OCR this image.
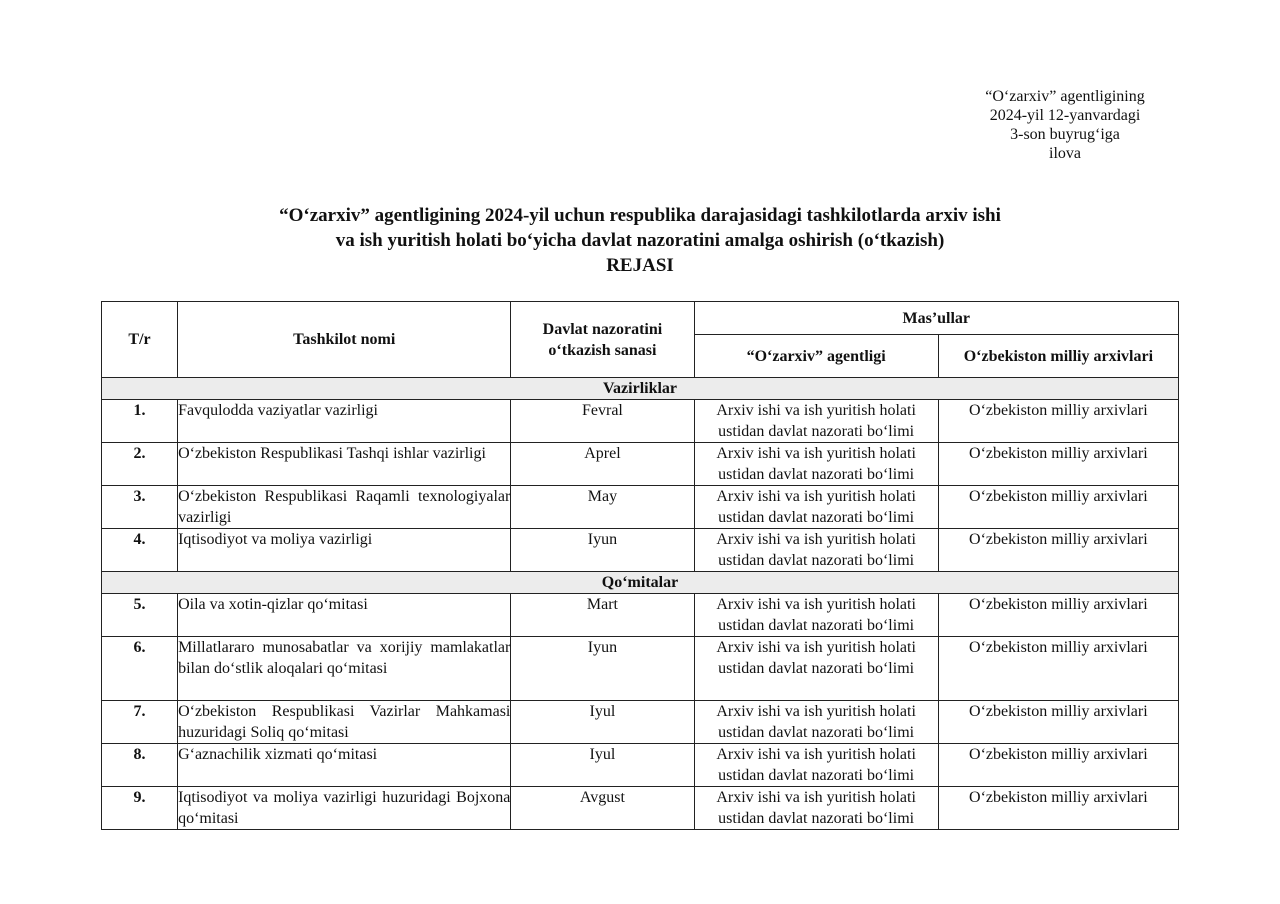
“O‘zarxiv” agentligining
2024-yil 12-yanvardagi
3-son buyrug‘iga
ilova
“O‘zarxiv” agentligining 2024-yil uchun respublika darajasidagi tashkilotlarda arxiv ishi
va ish yuritish holati bo‘yicha davlat nazoratini amalga oshirish (o‘tkazish)
REJASI
T/r	Tashkilot nomi	Davlat nazoratini o‘tkazish sanasi	Mas’ullar	
			“O‘zarxiv” agentligi	O‘zbekiston milliy arxivlari
Vazirliklar				
1.	Favqulodda vaziyatlar vazirligi	Fevral	Arxiv ishi va ish yuritish holati ustidan davlat nazorati bo‘limi	O‘zbekiston milliy arxivlari
2.	O‘zbekiston Respublikasi Tashqi ishlar vazirligi	Aprel	Arxiv ishi va ish yuritish holati ustidan davlat nazorati bo‘limi	O‘zbekiston milliy arxivlari
3.	O‘zbekiston Respublikasi Raqamli texnologiyalar vazirligi	May	Arxiv ishi va ish yuritish holati ustidan davlat nazorati bo‘limi	O‘zbekiston milliy arxivlari
4.	Iqtisodiyot va moliya vazirligi	Iyun	Arxiv ishi va ish yuritish holati ustidan davlat nazorati bo‘limi	O‘zbekiston milliy arxivlari
Qo‘mitalar				
5.	Oila va xotin-qizlar qo‘mitasi	Mart	Arxiv ishi va ish yuritish holati ustidan davlat nazorati bo‘limi	O‘zbekiston milliy arxivlari
6.	Millatlararo munosabatlar va xorijiy mamlakatlar bilan do‘stlik aloqalari qo‘mitasi	Iyun	Arxiv ishi va ish yuritish holati ustidan davlat nazorati bo‘limi	O‘zbekiston milliy arxivlari
7.	O‘zbekiston Respublikasi Vazirlar Mahkamasi huzuridagi Soliq qo‘mitasi	Iyul	Arxiv ishi va ish yuritish holati ustidan davlat nazorati bo‘limi	O‘zbekiston milliy arxivlari
8.	G‘aznachilik xizmati qo‘mitasi	Iyul	Arxiv ishi va ish yuritish holati ustidan davlat nazorati bo‘limi	O‘zbekiston milliy arxivlari
9.	Iqtisodiyot va moliya vazirligi huzuridagi Bojxona qo‘mitasi	Avgust	Arxiv ishi va ish yuritish holati ustidan davlat nazorati bo‘limi	O‘zbekiston milliy arxivlari
